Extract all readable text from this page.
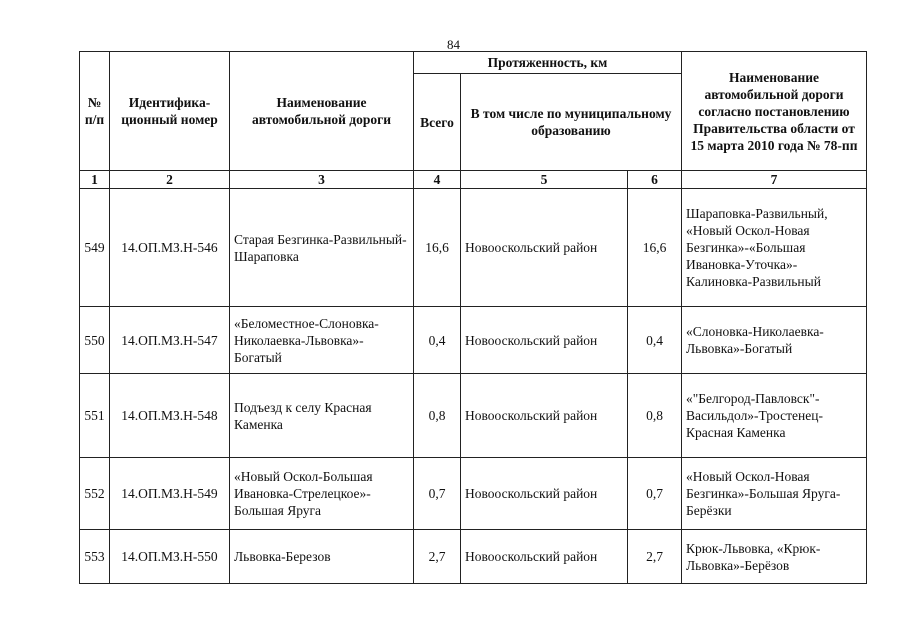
84
№ п/п	Идентифика-ционный номер	Наименование автомобильной дороги	Протяженность, км			Наименование автомобильной дороги согласно постановлению Правительства области от 15 марта 2010 года № 78-пп
			Всего	В том числе по муниципальному образованию		
1	2	3	4	5	6	7
549	14.ОП.МЗ.Н-546	Старая Безгинка-Развильный-Шараповка	16,6	Новооскольский район	16,6	Шараповка-Развильный, «Новый Оскол-Новая Безгинка»-«Большая Ивановка-Уточка»-Калиновка-Развильный
550	14.ОП.МЗ.Н-547	«Беломестное-Слоновка-Николаевка-Львовка»-Богатый	0,4	Новооскольский район	0,4	«Слоновка-Николаевка-Львовка»-Богатый
551	14.ОП.МЗ.Н-548	Подъезд к селу Красная Каменка	0,8	Новооскольский район	0,8	«"Белгород-Павловск"-Васильдол»-Тростенец-Красная Каменка
552	14.ОП.МЗ.Н-549	«Новый Оскол-Большая Ивановка-Стрелецкое»-Большая Яруга	0,7	Новооскольский район	0,7	«Новый Оскол-Новая Безгинка»-Большая Яруга-Берёзки
553	14.ОП.МЗ.Н-550	Львовка-Березов	2,7	Новооскольский район	2,7	Крюк-Львовка, «Крюк-Львовка»-Берёзов
